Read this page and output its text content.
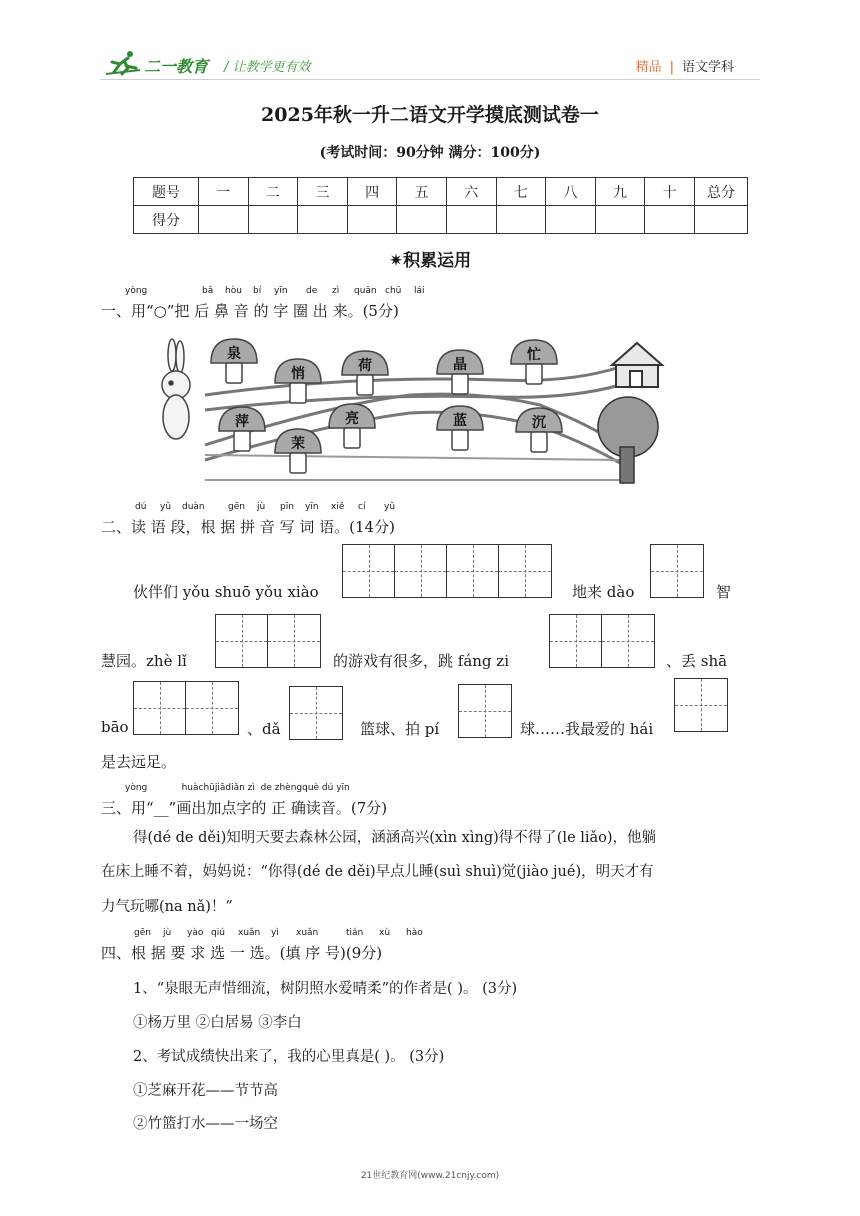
二一教育 / 让教学更有效	精品 | 语文学科
2025年秋一升二语文开学摸底测试卷一
(考试时间：90分钟 满分：100分)
题号	一	二	三	四	五	六	七	八	九	十	总分
得分											
✷积累运用
一、用“○”把 后 鼻 音 的 字 圈 出 来。(5分)
yòng	bǎ hòu bí yīn de zì quān chū lái
泉
悄	荷	晶
忙
萍
茉
亮	蓝	沉
二、读 语 段，根 据 拼 音 写 词 语。(14分)
dú yǔ duàn	gēn jù pīn yīn xiě cí yǔ
伙伴们 yǒu shuō yǒu xiào	地来 dào	智
慧园。zhè lǐ	的游戏有很多，跳 fáng zi	、丢 shā
bāo	、dǎ	篮球、拍 pí	球……我最爱的 hái
是去远足。
三、用“__”画出加点字的 正 确读音。(7分)
yòng            huàchūjiādiǎn zì  de zhèngquè dú yīn
得(dé de děi)知明天要去森林公园，涵涵高兴(xìn xìng)得不得了(le liǎo)，他躺
在床上睡不着，妈妈说：“你得(dé de děi)早点儿睡(suì shuì)觉(jiào jué)，明天才有
力气玩哪(na nǎ)！”
四、根 据 要 求 选 一 选。(填 序 号)(9分)
gēn jù yào qiú xuǎn yì xuǎn	tián xù hào
1、“泉眼无声惜细流，树阴照水爱晴柔”的作者是( )。 (3分)
①杨万里 ②白居易 ③李白
2、考试成绩快出来了，我的心里真是( )。 (3分)
①芝麻开花——节节高
②竹篮打水——一场空
21世纪教育网(www.21cnjy.com)
